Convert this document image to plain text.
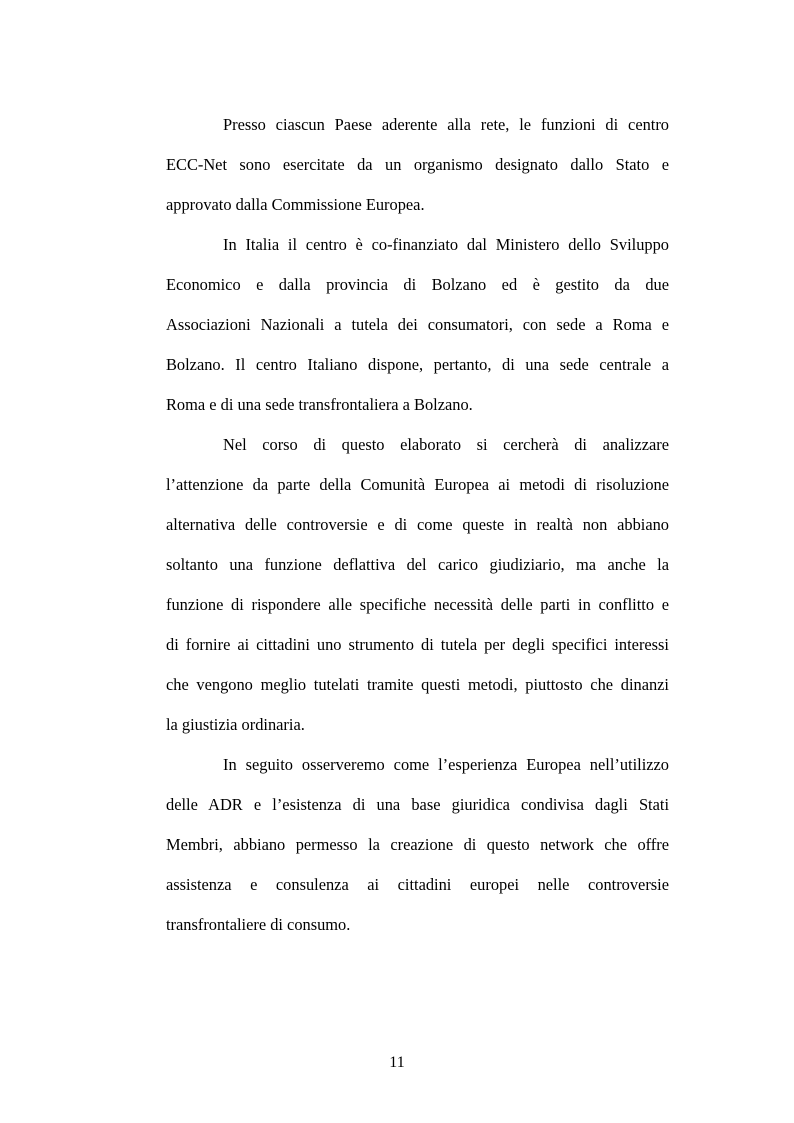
Presso ciascun Paese aderente alla rete, le funzioni di centro
ECC-Net sono esercitate da un organismo designato dallo Stato e
approvato dalla Commissione Europea.

In Italia il centro è co-finanziato dal Ministero dello Sviluppo
Economico e dalla provincia di Bolzano ed è gestito da due
Associazioni Nazionali a tutela dei consumatori, con sede a Roma e
Bolzano. Il centro Italiano dispone, pertanto, di una sede centrale a
Roma e di una sede transfrontaliera a Bolzano.

Nel corso di questo elaborato si cercherà di analizzare
l’attenzione da parte della Comunità Europea ai metodi di risoluzione
alternativa delle controversie e di come queste in realtà non abbiano
soltanto una funzione deflattiva del carico giudiziario, ma anche la
funzione di rispondere alle specifiche necessità delle parti in conflitto e
di fornire ai cittadini uno strumento di tutela per degli specifici interessi
che vengono meglio tutelati tramite questi metodi, piuttosto che dinanzi
la giustizia ordinaria.

In seguito osserveremo come l’esperienza Europea nell’utilizzo
delle ADR e l’esistenza di una base giuridica condivisa dagli Stati
Membri, abbiano permesso la creazione di questo network che offre
assistenza e consulenza ai cittadini europei nelle controversie
transfrontaliere di consumo.

11
